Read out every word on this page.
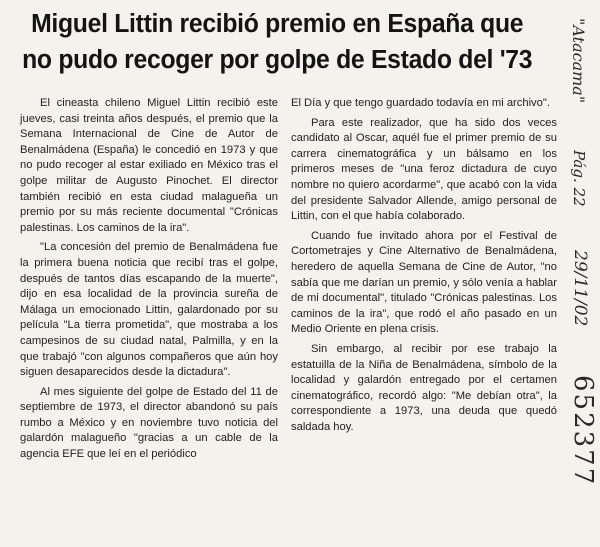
Miguel Littin recibió premio en España que
no pudo recoger por golpe de Estado del '73

El cineasta chileno Miguel Littin recibió este jueves, casi treinta años después, el premio que la Semana Internacional de Cine de Autor de Benalmádena (España) le concedió en 1973 y que no pudo recoger al estar exiliado en México tras el golpe militar de Augusto Pinochet. El director también recibió en esta ciudad malagueña un premio por su más reciente documental "Crónicas palestinas. Los caminos de la ira".

"La concesión del premio de Benalmádena fue la primera buena noticia que recibí tras el golpe, después de tantos días escapando de la muerte", dijo en esa localidad de la provincia sureña de Málaga un emocionado Littin, galardonado por su película "La tierra prometida", que mostraba a los campesinos de su ciudad natal, Palmilla, y en la que trabajó "con algunos compañeros que aún hoy siguen desaparecidos desde la dictadura".

Al mes siguiente del golpe de Estado del 11 de septiembre de 1973, el director abandonó su país rumbo a México y en noviembre tuvo noticia del galardón malagueño "gracias a un cable de la agencia EFE que leí en el periódico

El Día y que tengo guardado todavía en mi archivo".

Para este realizador, que ha sido dos veces candidato al Oscar, aquél fue el primer premio de su carrera cinematográfica y un bálsamo en los primeros meses de "una feroz dictadura de cuyo nombre no quiero acordarme", que acabó con la vida del presidente Salvador Allende, amigo personal de Littin, con el que había colaborado.

Cuando fue invitado ahora por el Festival de Cortometrajes y Cine Alternativo de Benalmádena, heredero de aquella Semana de Cine de Autor, "no sabía que me darían un premio, y sólo venía a hablar de mi documental", titulado "Crónicas palestinas. Los caminos de la ira", que rodó el año pasado en un Medio Oriente en plena crisis.

Sin embargo, al recibir por ese trabajo la estatuilla de la Niña de Benalmádena, símbolo de la localidad y galardón entregado por el certamen cinematográfico, recordó algo: "Me debían otra", la correspondiente a 1973, una deuda que quedó saldada hoy.

"Atacama"
Pág. 22
29/11/02
652377
